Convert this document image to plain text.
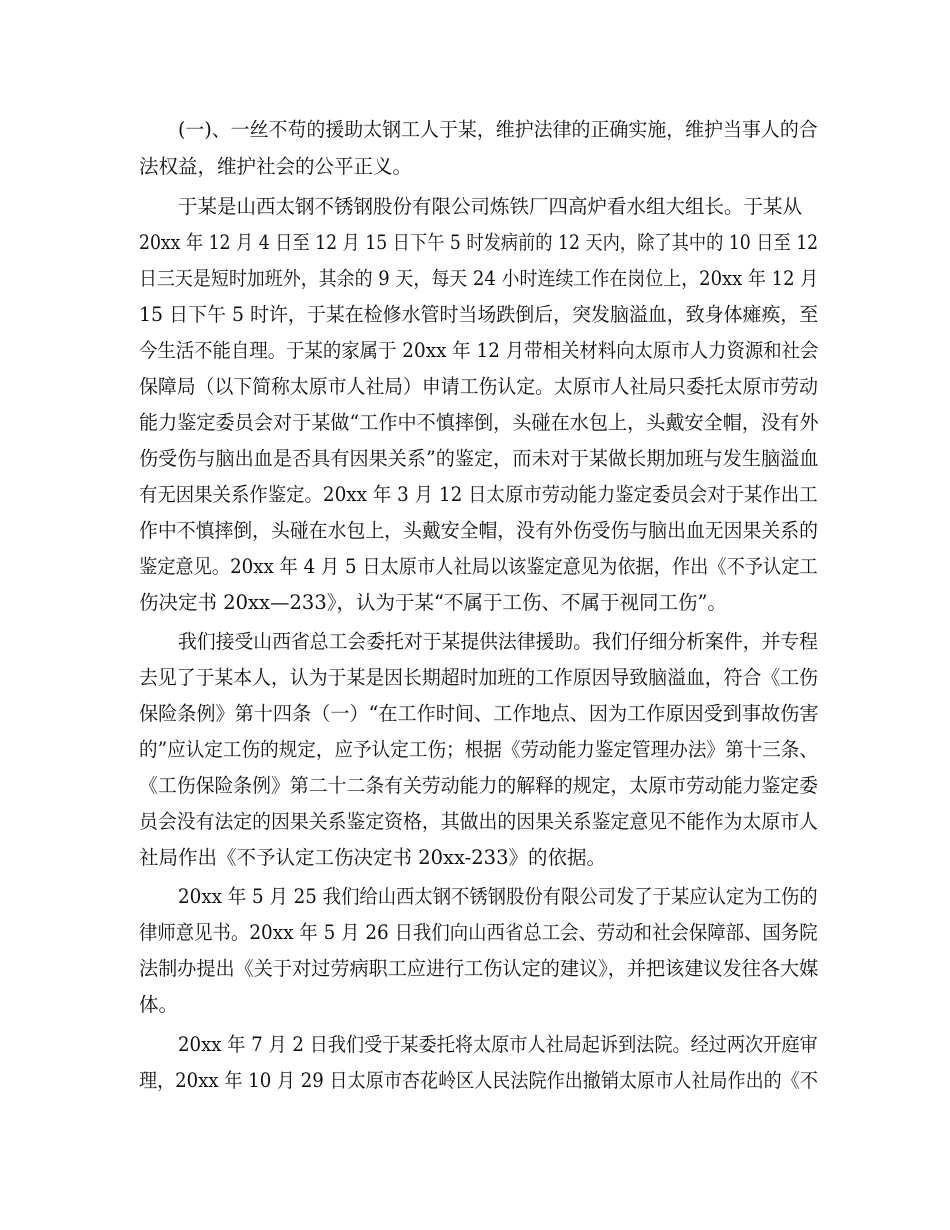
(一)、一丝不苟的援助太钢工人于某，维护法律的正确实施，维护当事人的合

法权益，维护社会的公平正义。

于某是山西太钢不锈钢股份有限公司炼铁厂四高炉看水组大组长。于某从

20xx 年 12 月 4 日至 12 月 15 日下午 5 时发病前的 12 天内，除了其中的 10 日至 12

日三天是短时加班外，其余的 9 天，每天 24 小时连续工作在岗位上，20xx 年 12 月

15 日下午 5 时许，于某在检修水管时当场跌倒后，突发脑溢血，致身体瘫痪，至

今生活不能自理。于某的家属于 20xx 年 12 月带相关材料向太原市人力资源和社会

保障局（以下简称太原市人社局）申请工伤认定。太原市人社局只委托太原市劳动

能力鉴定委员会对于某做“工作中不慎摔倒，头碰在水包上，头戴安全帽，没有外

伤受伤与脑出血是否具有因果关系”的鉴定，而未对于某做长期加班与发生脑溢血

有无因果关系作鉴定。20xx 年 3 月 12 日太原市劳动能力鉴定委员会对于某作出工

作中不慎摔倒，头碰在水包上，头戴安全帽，没有外伤受伤与脑出血无因果关系的

鉴定意见。20xx 年 4 月 5 日太原市人社局以该鉴定意见为依据，作出《不予认定工

伤决定书 20xx—233》，认为于某“不属于工伤、不属于视同工伤”。

我们接受山西省总工会委托对于某提供法律援助。我们仔细分析案件，并专程

去见了于某本人，认为于某是因长期超时加班的工作原因导致脑溢血，符合《工伤

保险条例》第十四条（一）“在工作时间、工作地点、因为工作原因受到事故伤害

的”应认定工伤的规定，应予认定工伤；根据《劳动能力鉴定管理办法》第十三条、

《工伤保险条例》第二十二条有关劳动能力的解释的规定，太原市劳动能力鉴定委

员会没有法定的因果关系鉴定资格，其做出的因果关系鉴定意见不能作为太原市人

社局作出《不予认定工伤决定书 20xx-233》的依据。

20xx 年 5 月 25 我们给山西太钢不锈钢股份有限公司发了于某应认定为工伤的

律师意见书。20xx 年 5 月 26 日我们向山西省总工会、劳动和社会保障部、国务院

法制办提出《关于对过劳病职工应进行工伤认定的建议》，并把该建议发往各大媒

体。

20xx 年 7 月 2 日我们受于某委托将太原市人社局起诉到法院。经过两次开庭审

理，20xx 年 10 月 29 日太原市杏花岭区人民法院作出撤销太原市人社局作出的《不
